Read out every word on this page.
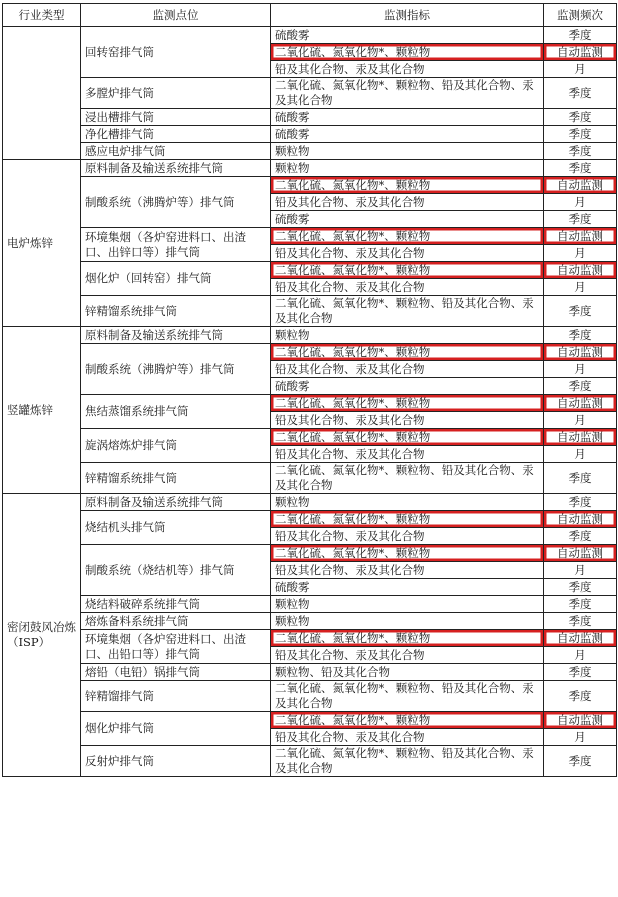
行业类型	监测点位	监测指标	监测频次
	回转窑排气筒	硫酸雾	季度
		二氧化硫、氮氧化物*、颗粒物	自动监测
		铅及其化合物、汞及其化合物	月
	多膛炉排气筒	二氧化硫、氮氧化物*、颗粒物、铅及其化合物、汞及其化合物	季度
	浸出槽排气筒	硫酸雾	季度
	净化槽排气筒	硫酸雾	季度
	感应电炉排气筒	颗粒物	季度
电炉炼锌	原料制备及输送系统排气筒	颗粒物	季度
	制酸系统（沸腾炉等）排气筒	二氧化硫、氮氧化物*、颗粒物	自动监测
		铅及其化合物、汞及其化合物	月
		硫酸雾	季度
	环境集烟（各炉窑进料口、出渣口、出锌口等）排气筒	二氧化硫、氮氧化物*、颗粒物	自动监测
		铅及其化合物、汞及其化合物	月
	烟化炉（回转窑）排气筒	二氧化硫、氮氧化物*、颗粒物	自动监测
		铅及其化合物、汞及其化合物	月
	锌精馏系统排气筒	二氧化硫、氮氧化物*、颗粒物、铅及其化合物、汞及其化合物	季度
竖罐炼锌	原料制备及输送系统排气筒	颗粒物	季度
	制酸系统（沸腾炉等）排气筒	二氧化硫、氮氧化物*、颗粒物	自动监测
		铅及其化合物、汞及其化合物	月
		硫酸雾	季度
	焦结蒸馏系统排气筒	二氧化硫、氮氧化物*、颗粒物	自动监测
		铅及其化合物、汞及其化合物	月
	旋涡熔炼炉排气筒	二氧化硫、氮氧化物*、颗粒物	自动监测
		铅及其化合物、汞及其化合物	月
	锌精馏系统排气筒	二氧化硫、氮氧化物*、颗粒物、铅及其化合物、汞及其化合物	季度
密闭鼓风冶炼（ISP）	原料制备及输送系统排气筒	颗粒物	季度
	烧结机头排气筒	二氧化硫、氮氧化物*、颗粒物	自动监测
		铅及其化合物、汞及其化合物	季度
	制酸系统（烧结机等）排气筒	二氧化硫、氮氧化物*、颗粒物	自动监测
		铅及其化合物、汞及其化合物	月
		硫酸雾	季度
	烧结料破碎系统排气筒	颗粒物	季度
	熔炼备料系统排气筒	颗粒物	季度
	环境集烟（各炉窑进料口、出渣口、出铅口等）排气筒	二氧化硫、氮氧化物*、颗粒物	自动监测
		铅及其化合物、汞及其化合物	月
	熔铅（电铅）锅排气筒	颗粒物、铅及其化合物	季度
	锌精馏排气筒	二氧化硫、氮氧化物*、颗粒物、铅及其化合物、汞及其化合物	季度
	烟化炉排气筒	二氧化硫、氮氧化物*、颗粒物	自动监测
		铅及其化合物、汞及其化合物	月
	反射炉排气筒	二氧化硫、氮氧化物*、颗粒物、铅及其化合物、汞及其化合物	季度
